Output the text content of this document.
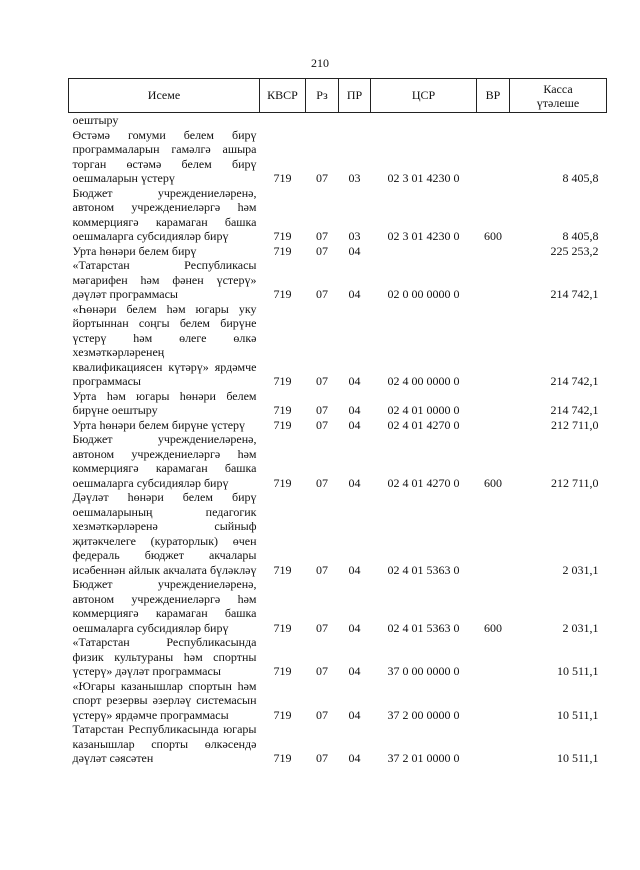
210
Исеме	КВСР	Рз	ПР	ЦСР	ВР	Касса
үтәлеше

оештыру						
Өстәмә гомуми белем бирү программаларын гамәлгә ашыра торган өстәмә белем бирү оешмаларын үстерү	719	07	03	02 3 01 4230 0		8 405,8
Бюджет учреждениеләренә, автоном учреждениеләргә һәм коммерциягә карамаган башка оешмаларга субсидияләр бирү	719	07	03	02 3 01 4230 0	600	8 405,8
Урта һөнәри белем бирү	719	07	04			225 253,2
«Татарстан Республикасы мәгарифен һәм фәнен үстерү» дәүләт программасы	719	07	04	02 0 00 0000 0		214 742,1
«Һөнәри белем һәм югары уку йортыннан соңгы белем бирүне үстерү һәм өлеге өлкә хезмәткәрләренең квалификациясен күтәрү» ярдәмче программасы	719	07	04	02 4 00 0000 0		214 742,1
Урта һәм югары һөнәри белем бирүне оештыру	719	07	04	02 4 01 0000 0		214 742,1
Урта һөнәри белем бирүне үстерү	719	07	04	02 4 01 4270 0		212 711,0
Бюджет учреждениеләренә, автоном учреждениеләргә һәм коммерциягә карамаган башка оешмаларга субсидияләр бирү	719	07	04	02 4 01 4270 0	600	212 711,0
Дәүләт һөнәри белем бирү оешмаларының педагогик хезмәткәрләренә сыйныф җитәкчелеге (кураторлык) өчен федераль бюджет акчалары исәбеннән айлык акчалата бүләкләү	719	07	04	02 4 01 5363 0		2 031,1
Бюджет учреждениеләренә, автоном учреждениеләргә һәм коммерциягә карамаган башка оешмаларга субсидияләр бирү	719	07	04	02 4 01 5363 0	600	2 031,1
«Татарстан Республикасында физик культураны һәм спортны үстерү» дәүләт программасы	719	07	04	37 0 00 0000 0		10 511,1
«Югары казанышлар спортын һәм спорт резервы әзерләү системасын үстерү» ярдәмче программасы	719	07	04	37 2 00 0000 0		10 511,1
Татарстан Республикасында югары казанышлар спорты өлкәсендә дәүләт сәясәтен	719	07	04	37 2 01 0000 0		10 511,1
